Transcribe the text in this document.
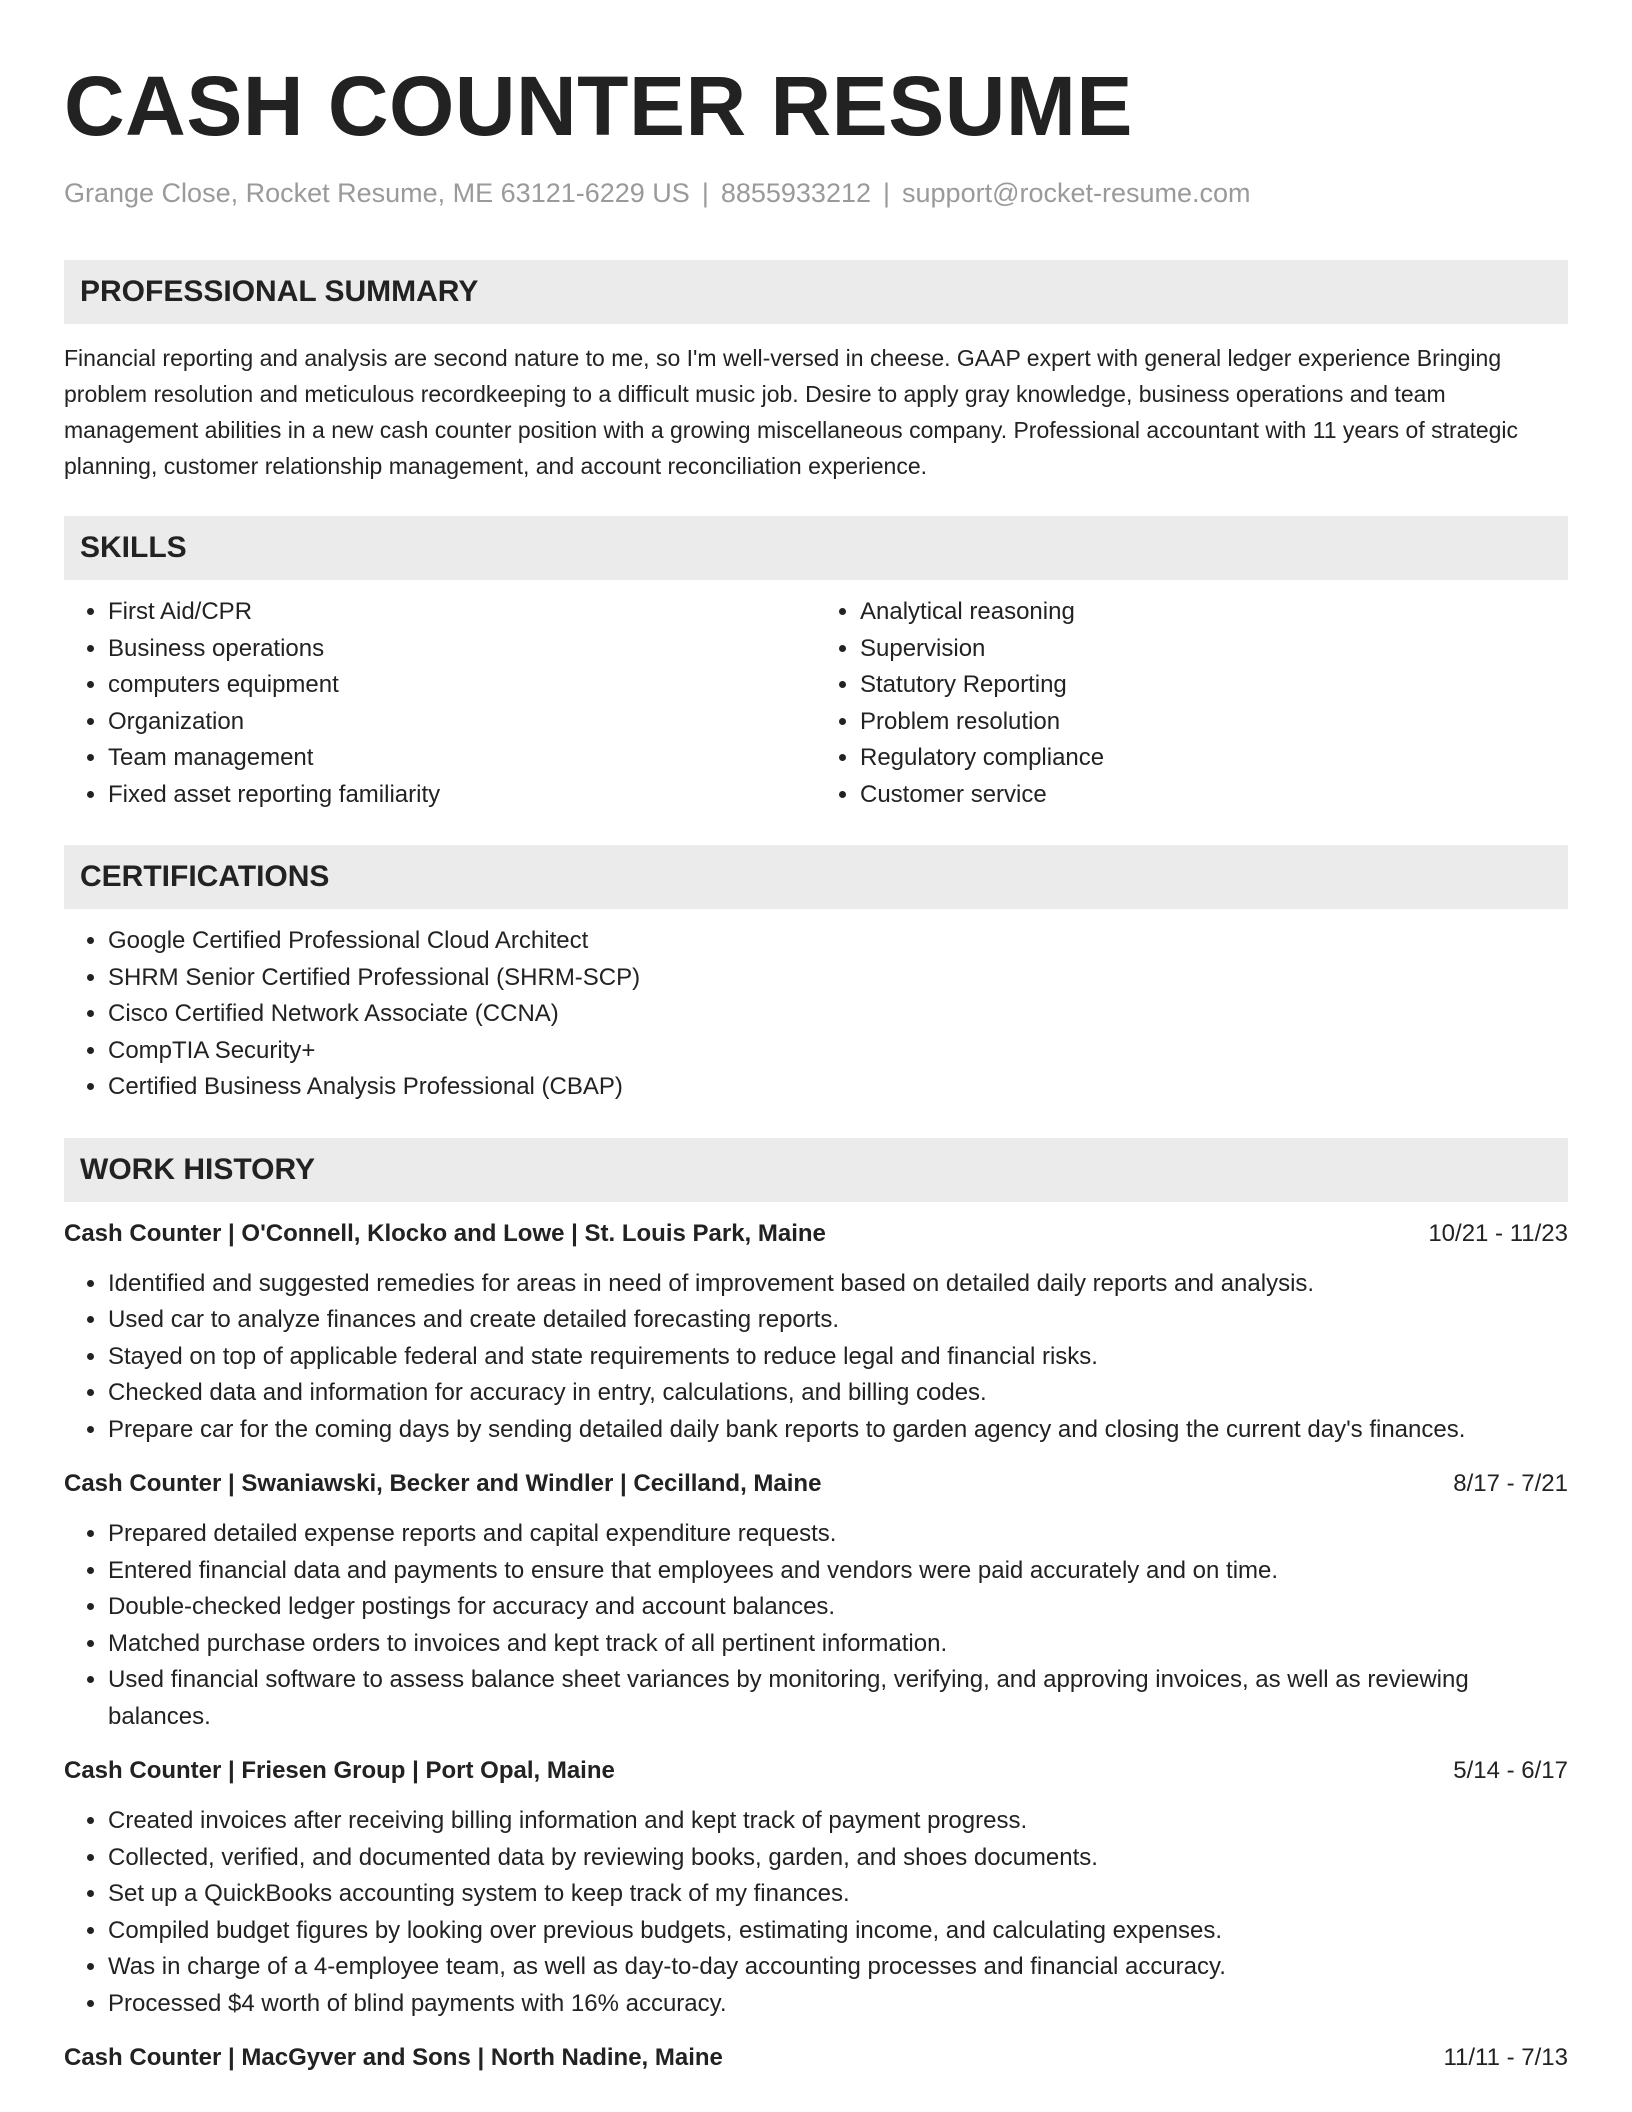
CASH COUNTER RESUME
Grange Close, Rocket Resume, ME 63121-6229 US | 8855933212 | support@rocket-resume.com
PROFESSIONAL SUMMARY

Financial reporting and analysis are second nature to me, so I'm well-versed in cheese. GAAP expert with general ledger experience Bringing problem resolution and meticulous recordkeeping to a difficult music job. Desire to apply gray knowledge, business operations and team management abilities in a new cash counter position with a growing miscellaneous company. Professional accountant with 11 years of strategic planning, customer relationship management, and account reconciliation experience.

SKILLS
• First Aid/CPR
• Business operations
• computers equipment
• Organization
• Team management
• Fixed asset reporting familiarity
• Analytical reasoning
• Supervision
• Statutory Reporting
• Problem resolution
• Regulatory compliance
• Customer service
CERTIFICATIONS
• Google Certified Professional Cloud Architect
• SHRM Senior Certified Professional (SHRM-SCP)
• Cisco Certified Network Associate (CCNA)
• CompTIA Security+
• Certified Business Analysis Professional (CBAP)
WORK HISTORY
Cash Counter | O'Connell, Klocko and Lowe | St. Louis Park, Maine	10/21 - 11/23
• Identified and suggested remedies for areas in need of improvement based on detailed daily reports and analysis.
• Used car to analyze finances and create detailed forecasting reports.
• Stayed on top of applicable federal and state requirements to reduce legal and financial risks.
• Checked data and information for accuracy in entry, calculations, and billing codes.
• Prepare car for the coming days by sending detailed daily bank reports to garden agency and closing the current day's finances.
Cash Counter | Swaniawski, Becker and Windler | Cecilland, Maine	8/17 - 7/21
• Prepared detailed expense reports and capital expenditure requests.
• Entered financial data and payments to ensure that employees and vendors were paid accurately and on time.
• Double-checked ledger postings for accuracy and account balances.
• Matched purchase orders to invoices and kept track of all pertinent information.
• Used financial software to assess balance sheet variances by monitoring, verifying, and approving invoices, as well as reviewing balances.
Cash Counter | Friesen Group | Port Opal, Maine	5/14 - 6/17
• Created invoices after receiving billing information and kept track of payment progress.
• Collected, verified, and documented data by reviewing books, garden, and shoes documents.
• Set up a QuickBooks accounting system to keep track of my finances.
• Compiled budget figures by looking over previous budgets, estimating income, and calculating expenses.
• Was in charge of a 4-employee team, as well as day-to-day accounting processes and financial accuracy.
• Processed $4 worth of blind payments with 16% accuracy.
Cash Counter | MacGyver and Sons | North Nadine, Maine	11/11 - 7/13
